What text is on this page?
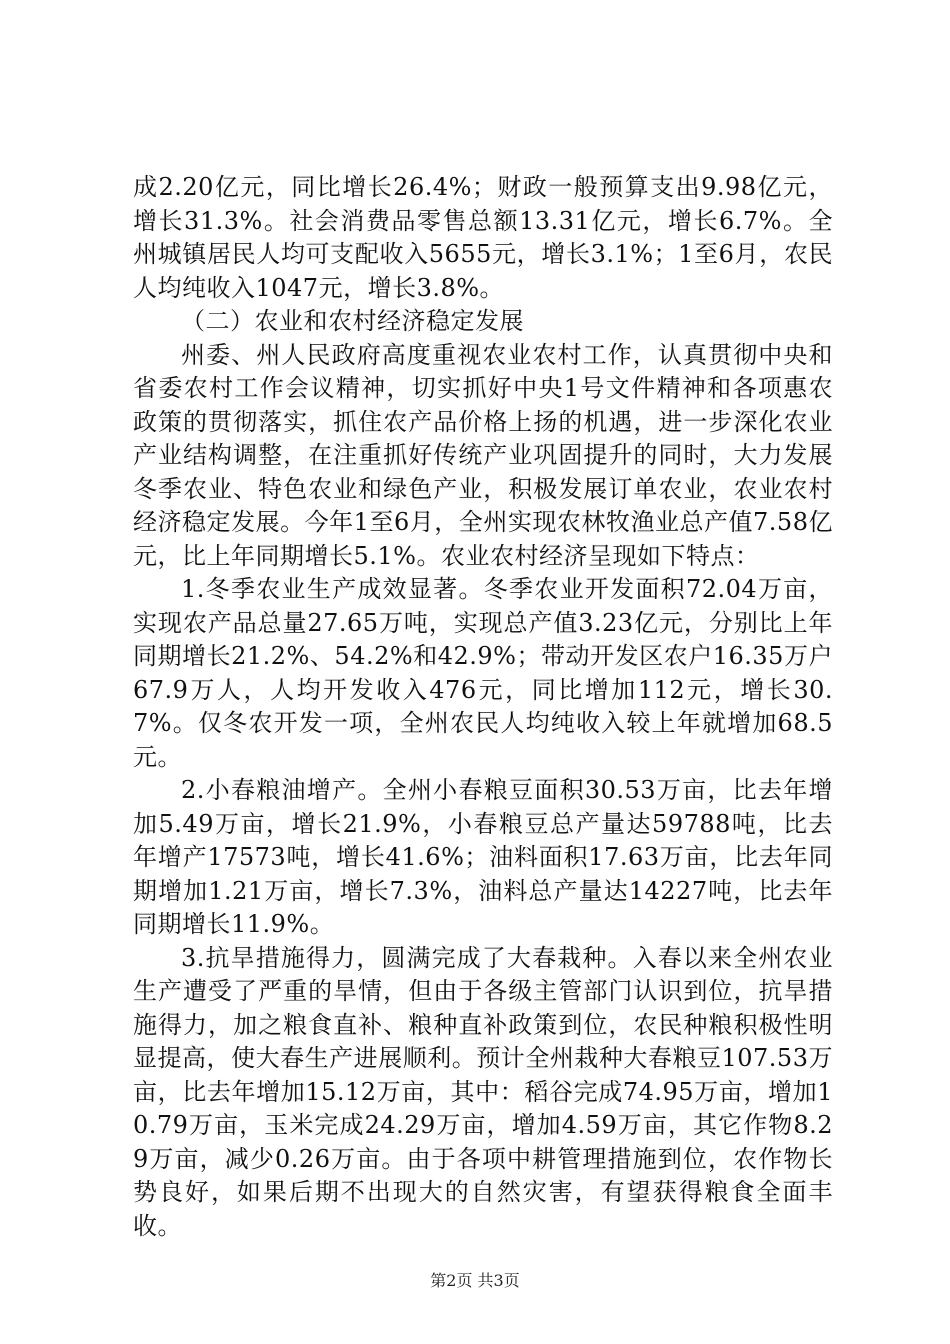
成2.20亿元，同比增长26.4%；财政一般预算支出9.98亿元，增长31.3%。社会消费品零售总额13.31亿元，增长6.7%。全州城镇居民人均可支配收入5655元，增长3.1%；1至6月，农民人均纯收入1047元，增长3.8%。

（二）农业和农村经济稳定发展

州委、州人民政府高度重视农业农村工作，认真贯彻中央和省委农村工作会议精神，切实抓好中央1号文件精神和各项惠农政策的贯彻落实，抓住农产品价格上扬的机遇，进一步深化农业产业结构调整，在注重抓好传统产业巩固提升的同时，大力发展冬季农业、特色农业和绿色产业，积极发展订单农业，农业农村经济稳定发展。今年1至6月，全州实现农林牧渔业总产值7.58亿元，比上年同期增长5.1%。农业农村经济呈现如下特点：

1.冬季农业生产成效显著。冬季农业开发面积72.04万亩，实现农产品总量27.65万吨，实现总产值3.23亿元，分别比上年同期增长21.2%、54.2%和42.9%；带动开发区农户16.35万户67.9万人，人均开发收入476元，同比增加112元，增长30.7%。仅冬农开发一项，全州农民人均纯收入较上年就增加68.5元。

2.小春粮油增产。全州小春粮豆面积30.53万亩，比去年增加5.49万亩，增长21.9%，小春粮豆总产量达59788吨，比去年增产17573吨，增长41.6%；油料面积17.63万亩，比去年同期增加1.21万亩，增长7.3%，油料总产量达14227吨，比去年同期增长11.9%。

3.抗旱措施得力，圆满完成了大春栽种。入春以来全州农业生产遭受了严重的旱情，但由于各级主管部门认识到位，抗旱措施得力，加之粮食直补、粮种直补政策到位，农民种粮积极性明显提高，使大春生产进展顺利。预计全州栽种大春粮豆107.53万亩，比去年增加15.12万亩，其中：稻谷完成74.95万亩，增加10.79万亩，玉米完成24.29万亩，增加4.59万亩，其它作物8.29万亩，减少0.26万亩。由于各项中耕管理措施到位，农作物长势良好，如果后期不出现大的自然灾害，有望获得粮食全面丰收。

第2页 共3页
